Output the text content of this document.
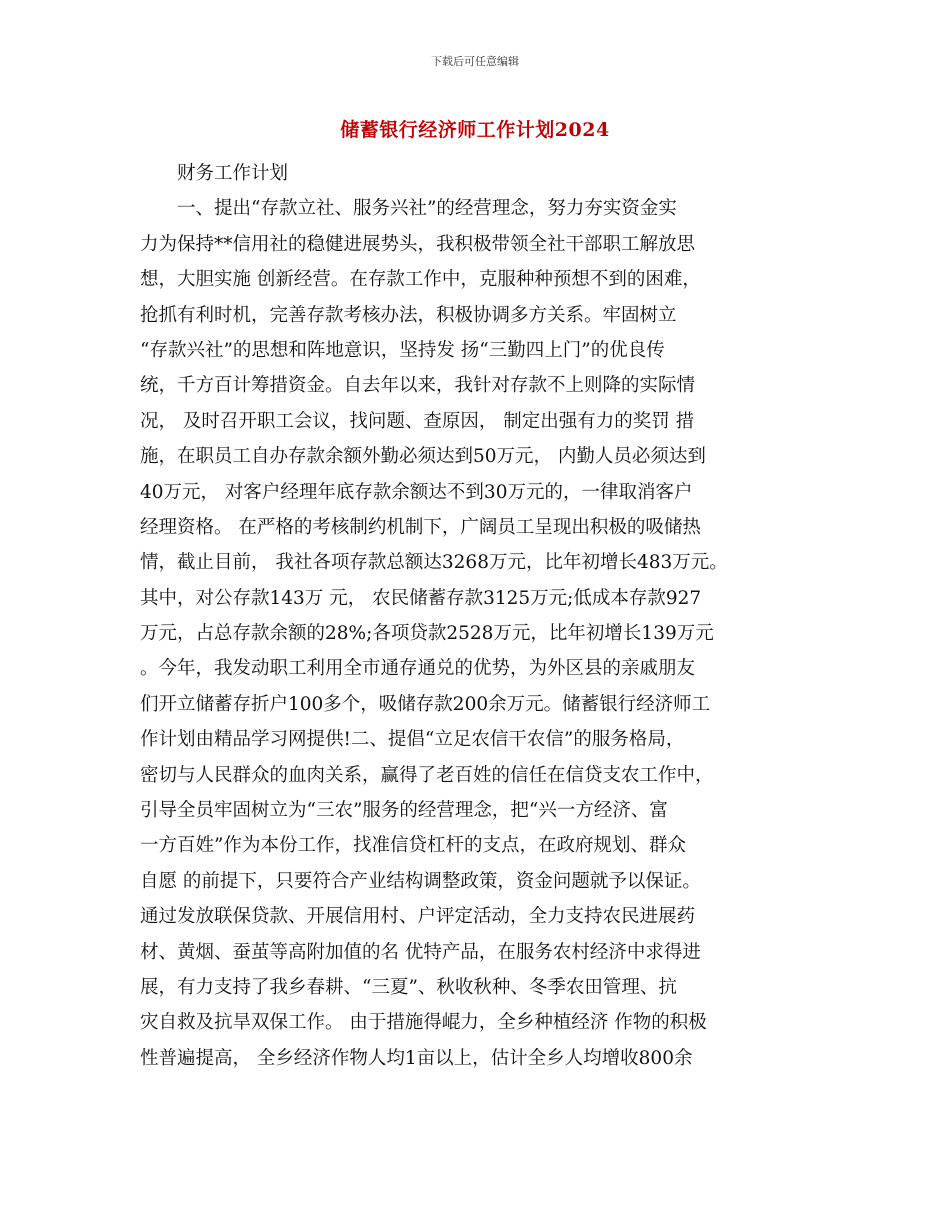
下载后可任意编辑
储蓄银行经济师工作计划2024
财务工作计划
一、提出“存款立社、服务兴社”的经营理念，努力夯实资金实
力为保持**信用社的稳健进展势头，我积极带领全社干部职工解放思
想，大胆实施 创新经营。在存款工作中，克服种种预想不到的困难，
抢抓有利时机，完善存款考核办法，积极协调多方关系。牢固树立
“存款兴社”的思想和阵地意识，坚持发 扬“三勤四上门”的优良传
统，千方百计筹措资金。自去年以来，我针对存款不上则降的实际情
况， 及时召开职工会议，找问题、查原因， 制定出强有力的奖罚 措
施，在职员工自办存款余额外勤必须达到50万元， 内勤人员必须达到
40万元， 对客户经理年底存款余额达不到30万元的，一律取消客户
经理资格。 在严格的考核制约机制下，广阔员工呈现出积极的吸储热
情，截止目前， 我社各项存款总额达3268万元，比年初增长483万元。
其中，对公存款143万 元， 农民储蓄存款3125万元;低成本存款927
万元，占总存款余额的28%;各项贷款2528万元，比年初增长139万元
。今年，我发动职工利用全市通存通兑的优势，为外区县的亲戚朋友
们开立储蓄存折户100多个，吸储存款200余万元。储蓄银行经济师工
作计划由精品学习网提供!二、提倡“立足农信干农信”的服务格局，
密切与人民群众的血肉关系，赢得了老百姓的信任在信贷支农工作中，
引导全员牢固树立为“三农”服务的经营理念，把“兴一方经济、富
一方百姓”作为本份工作，找准信贷杠杆的支点，在政府规划、群众
自愿 的前提下，只要符合产业结构调整政策，资金问题就予以保证。
通过发放联保贷款、开展信用村、户评定活动，全力支持农民进展药
材、黄烟、蚕茧等高附加值的名 优特产品，在服务农村经济中求得进
展，有力支持了我乡春耕、“三夏”、秋收秋种、冬季农田管理、抗
灾自救及抗旱双保工作。 由于措施得崐力，全乡种植经济 作物的积极
性普遍提高， 全乡经济作物人均1亩以上，估计全乡人均增收800余
